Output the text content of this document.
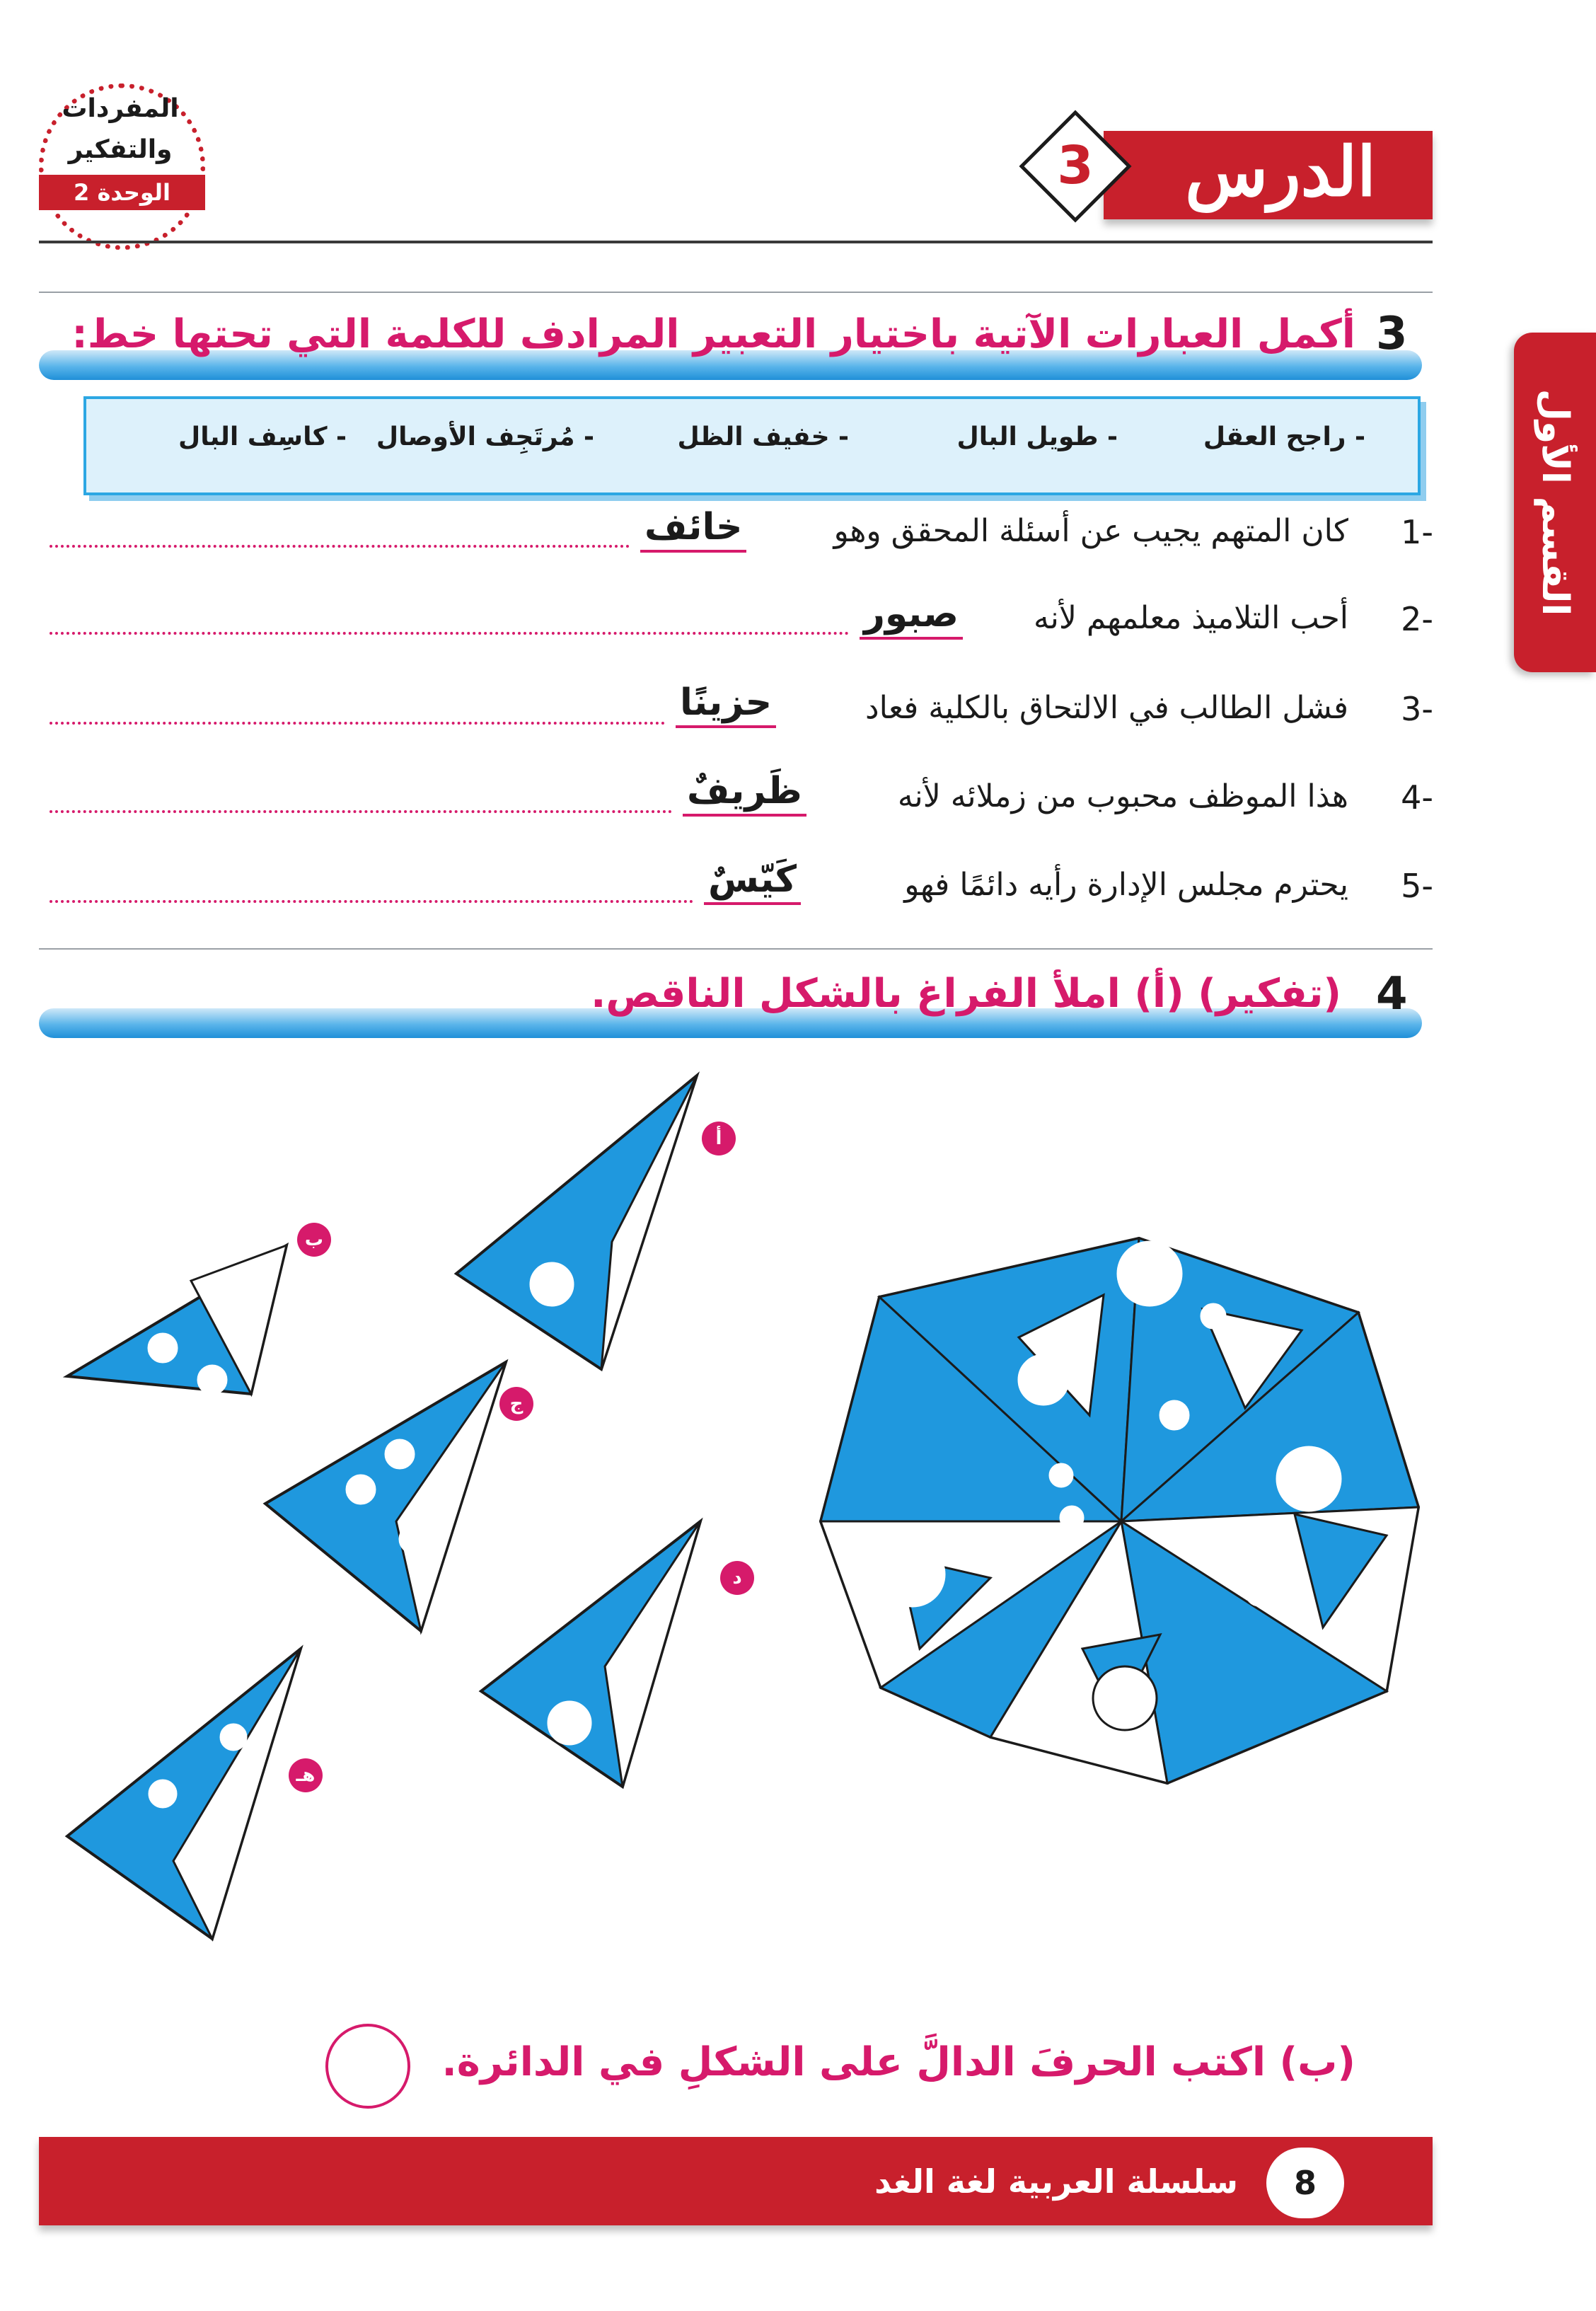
المفردات
والتفكير
الوحدة 2	الدرس
3
القسم الأول
3
أكمل العبارات الآتية باختيار التعبير المرادف للكلمة التي تحتها خط:
- راجح العقل
- طويل البال
- خفيف الظل
- مُرتَجِف الأوصال
- كاسِف البال
-1
كان المتهم يجيب عن أسئلة المحقق وهو
خائف
-2
أحب التلاميذ معلمهم لأنه
صبور
-3
فشل الطالب في الالتحاق بالكلية فعاد
حزينًا
-4
هذا الموظف محبوب من زملائه لأنه
ظَريفٌ
-5
يحترم مجلس الإدارة رأيه دائمًا فهو
كَيّسٌ
4
(تفكير) (أ) املأ الفراغ بالشكل الناقص.
أ
ب
ج
د
هـ
(ب) اكتب الحرفَ الدالَّ على الشكلِ في الدائرة.
سلسلة العربية لغة الغد	8
